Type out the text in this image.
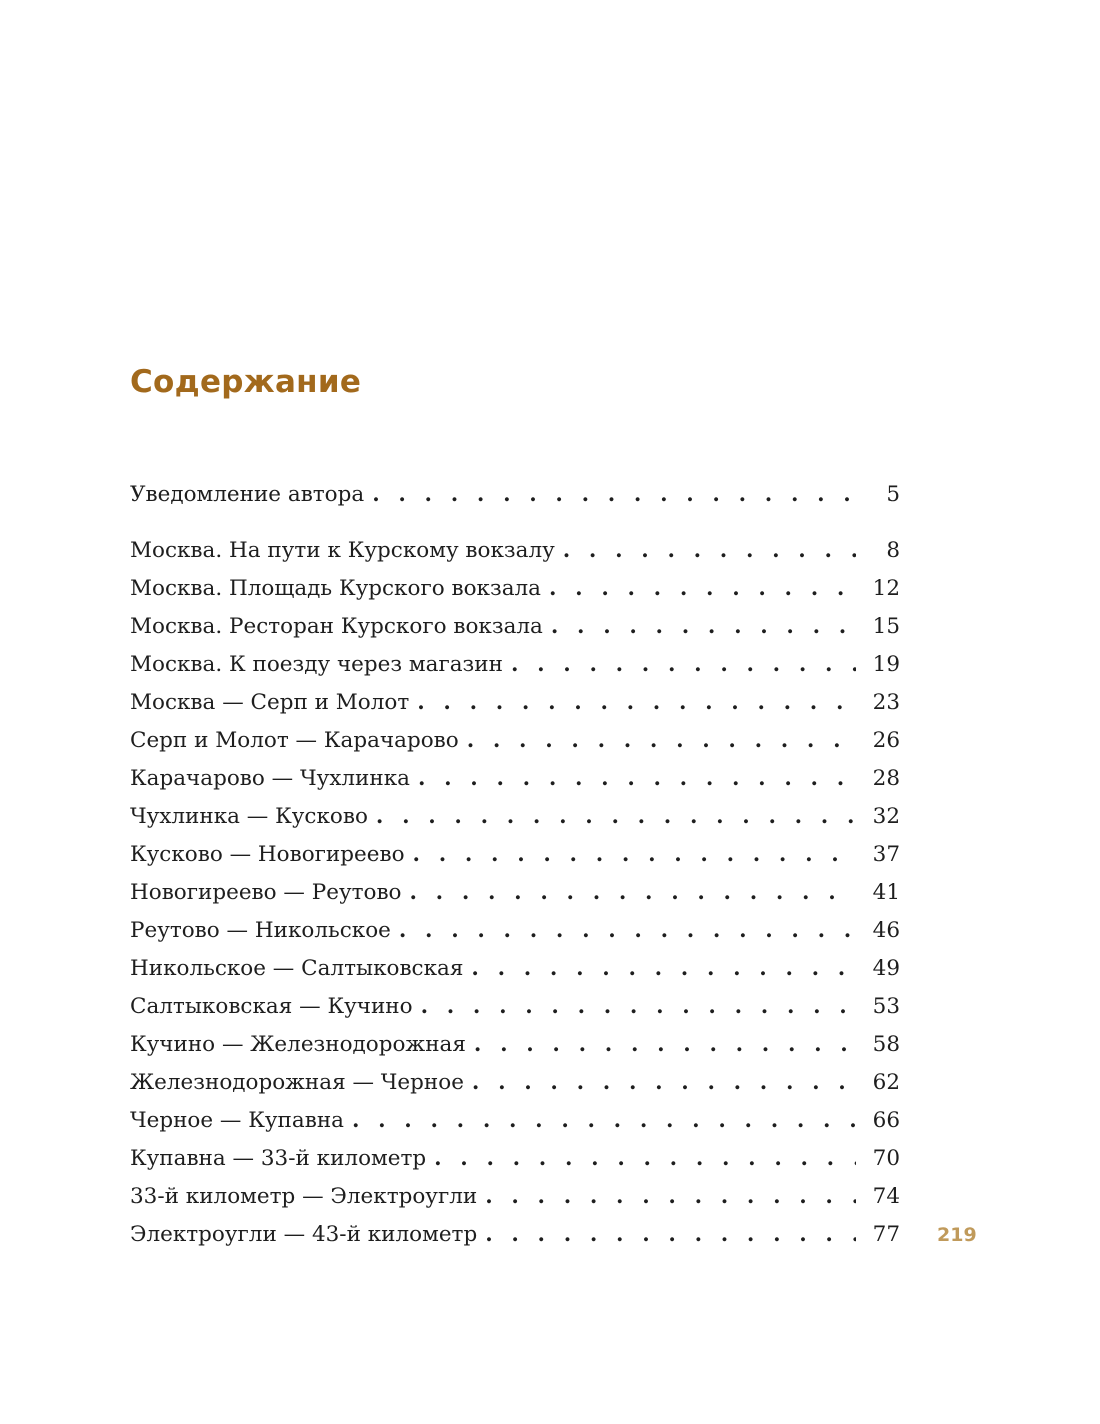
Содержание
Уведомление автора . . .	5
Москва. На пути к Курскому вокзалу . . .	8
Москва. Площадь Курского вокзала . . .	12
Москва. Ресторан Курского вокзала . . .	15
Москва. К поезду через магазин . . .	19
Москва — Серп и Молот . . .	23
Серп и Молот — Карачарово . . .	26
Карачарово — Чухлинка . . .	28
Чухлинка — Кусково . . .	32
Кусково — Новогиреево . . .	37
Новогиреево — Реутово . . .	41
Реутово — Никольское . . .	46
Никольское — Салтыковская . . .	49
Салтыковская — Кучино . . .	53
Кучино — Железнодорожная . . .	58
Железнодорожная — Черное . . .	62
Черное — Купавна . . .	66
Купавна — 33-й километр . . .	70
33-й километр — Электроугли . . .	74
Электроугли — 43-й километр . . .	77 219
